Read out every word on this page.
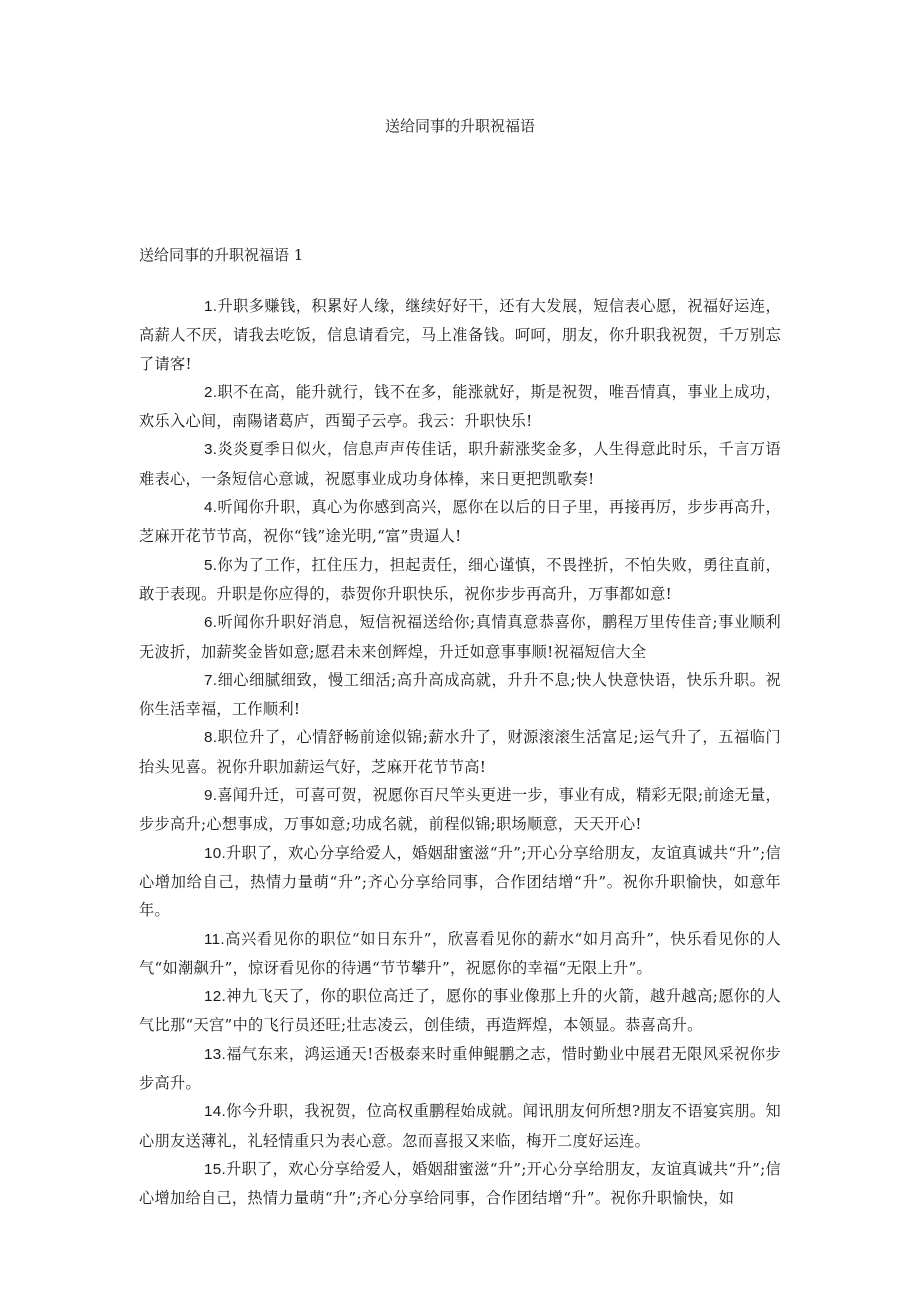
送给同事的升职祝福语
送给同事的升职祝福语 1

1.升职多赚钱，积累好人缘，继续好好干，还有大发展，短信表心愿，祝福好运连，高薪人不厌，请我去吃饭，信息请看完，马上准备钱。呵呵，朋友，你升职我祝贺，千万别忘了请客!

2.职不在高，能升就行，钱不在多，能涨就好，斯是祝贺，唯吾情真，事业上成功，欢乐入心间，南陽诸葛庐，西蜀子云亭。我云：升职快乐!

3.炎炎夏季日似火，信息声声传佳话，职升薪涨奖金多，人生得意此时乐，千言万语难表心，一条短信心意诚，祝愿事业成功身体棒，来日更把凯歌奏!

4.听闻你升职，真心为你感到高兴，愿你在以后的日子里，再接再厉，步步再高升，芝麻开花节节高，祝你“钱”途光明,“富”贵逼人!

5.你为了工作，扛住压力，担起责任，细心谨慎，不畏挫折，不怕失败，勇往直前，敢于表现。升职是你应得的，恭贺你升职快乐，祝你步步再高升，万事都如意!

6.听闻你升职好消息，短信祝福送给你;真情真意恭喜你，鹏程万里传佳音;事业顺利无波折，加薪奖金皆如意;愿君未来创辉煌，升迁如意事事顺!祝福短信大全

7.细心细腻细致，慢工细活;高升高成高就，升升不息;快人快意快语，快乐升职。祝你生活幸福，工作顺利!

8.职位升了，心情舒畅前途似锦;薪水升了，财源滚滚生活富足;运气升了，五福临门抬头见喜。祝你升职加薪运气好，芝麻开花节节高!

9.喜闻升迁，可喜可贺，祝愿你百尺竿头更进一步，事业有成，精彩无限;前途无量，步步高升;心想事成，万事如意;功成名就，前程似锦;职场顺意，天天开心!

10.升职了，欢心分享给爱人，婚姻甜蜜滋“升”;开心分享给朋友，友谊真诚共“升”;信心增加给自己，热情力量萌“升”;齐心分享给同事，合作团结增“升”。祝你升职愉快，如意年年。

11.高兴看见你的职位“如日东升”，欣喜看见你的薪水“如月高升”，快乐看见你的人气“如潮飙升”，惊讶看见你的待遇“节节攀升”，祝愿你的幸福“无限上升”。

12.神九飞天了，你的职位高迁了，愿你的事业像那上升的火箭，越升越高;愿你的人气比那“天宫”中的飞行员还旺;壮志凌云，创佳绩，再造辉煌，本领显。恭喜高升。

13.福气东来，鸿运通天!否极泰来时重伸鲲鹏之志，惜时勤业中展君无限风采祝你步步高升。

14.你今升职，我祝贺，位高权重鹏程始成就。闻讯朋友何所想?朋友不语宴宾朋。知心朋友送薄礼，礼轻情重只为表心意。忽而喜报又来临，梅开二度好运连。

15.升职了，欢心分享给爱人，婚姻甜蜜滋“升”;开心分享给朋友，友谊真诚共“升”;信心增加给自己，热情力量萌“升”;齐心分享给同事，合作团结增“升”。祝你升职愉快，如
